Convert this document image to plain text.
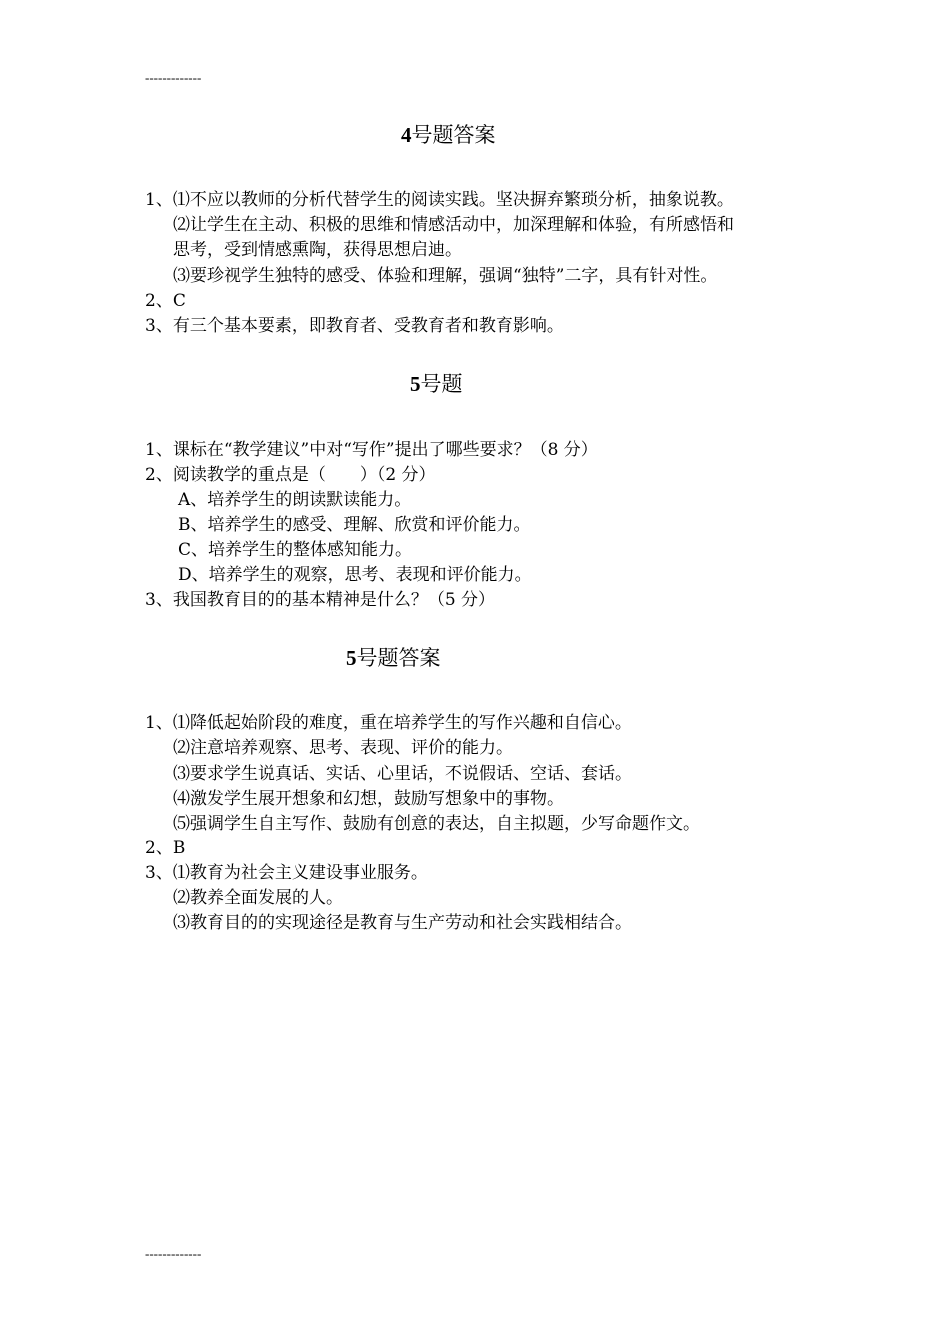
-------------
4号题答案
1、⑴不应以教师的分析代替学生的阅读实践。坚决摒弃繁琐分析，抽象说教。
⑵让学生在主动、积极的思维和情感活动中，加深理解和体验，有所感悟和
思考，受到情感熏陶，获得思想启迪。
⑶要珍视学生独特的感受、体验和理解，强调“独特”二字，具有针对性。
2、C
3、有三个基本要素，即教育者、受教育者和教育影响。
5号题
1、课标在“教学建议”中对“写作”提出了哪些要求？（8 分）
2、阅读教学的重点是（　　）（2 分）
A、培养学生的朗读默读能力。
B、培养学生的感受、理解、欣赏和评价能力。
C、培养学生的整体感知能力。
D、培养学生的观察，思考、表现和评价能力。
3、我国教育目的的基本精神是什么？（5 分）
5号题答案
1、⑴降低起始阶段的难度，重在培养学生的写作兴趣和自信心。
⑵注意培养观察、思考、表现、评价的能力。
⑶要求学生说真话、实话、心里话，不说假话、空话、套话。
⑷激发学生展开想象和幻想，鼓励写想象中的事物。
⑸强调学生自主写作、鼓励有创意的表达，自主拟题，少写命题作文。
2、B
3、⑴教育为社会主义建设事业服务。
⑵教养全面发展的人。
⑶教育目的的实现途径是教育与生产劳动和社会实践相结合。
-------------
